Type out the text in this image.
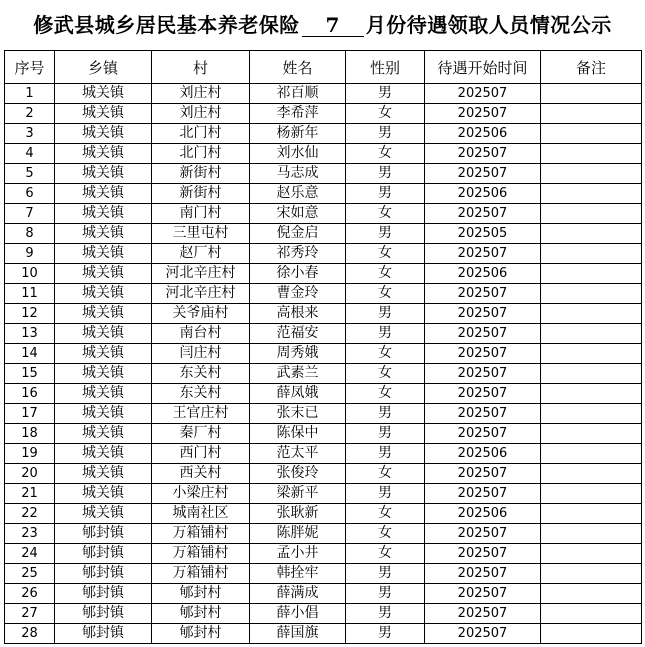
修武县城乡居民基本养老保险 7 月份待遇领取人员情况公示
序号	乡镇	村	姓名	性别	待遇开始时间	备注
1	城关镇	刘庄村	祁百顺	男	202507	
2	城关镇	刘庄村	李希萍	女	202507	
3	城关镇	北门村	杨新年	男	202506	
4	城关镇	北门村	刘水仙	女	202507	
5	城关镇	新街村	马志成	男	202507	
6	城关镇	新街村	赵乐意	男	202506	
7	城关镇	南门村	宋如意	女	202507	
8	城关镇	三里屯村	倪金启	男	202505	
9	城关镇	赵厂村	祁秀玲	女	202507	
10	城关镇	河北辛庄村	徐小春	女	202506	
11	城关镇	河北辛庄村	曹金玲	女	202507	
12	城关镇	关爷庙村	高根来	男	202507	
13	城关镇	南台村	范福安	男	202507	
14	城关镇	闫庄村	周秀娥	女	202507	
15	城关镇	东关村	武素兰	女	202507	
16	城关镇	东关村	薛凤娥	女	202507	
17	城关镇	王官庄村	张末已	男	202507	
18	城关镇	秦厂村	陈保中	男	202507	
19	城关镇	西门村	范太平	男	202506	
20	城关镇	西关村	张俊玲	女	202507	
21	城关镇	小梁庄村	梁新平	男	202507	
22	城关镇	城南社区	张耿新	女	202506	
23	郇封镇	万箱铺村	陈胖妮	女	202507	
24	郇封镇	万箱铺村	孟小井	女	202507	
25	郇封镇	万箱铺村	韩拴牢	男	202507	
26	郇封镇	郇封村	薛满成	男	202507	
27	郇封镇	郇封村	薛小倡	男	202507	
28	郇封镇	郇封村	薛国旗	男	202507	
